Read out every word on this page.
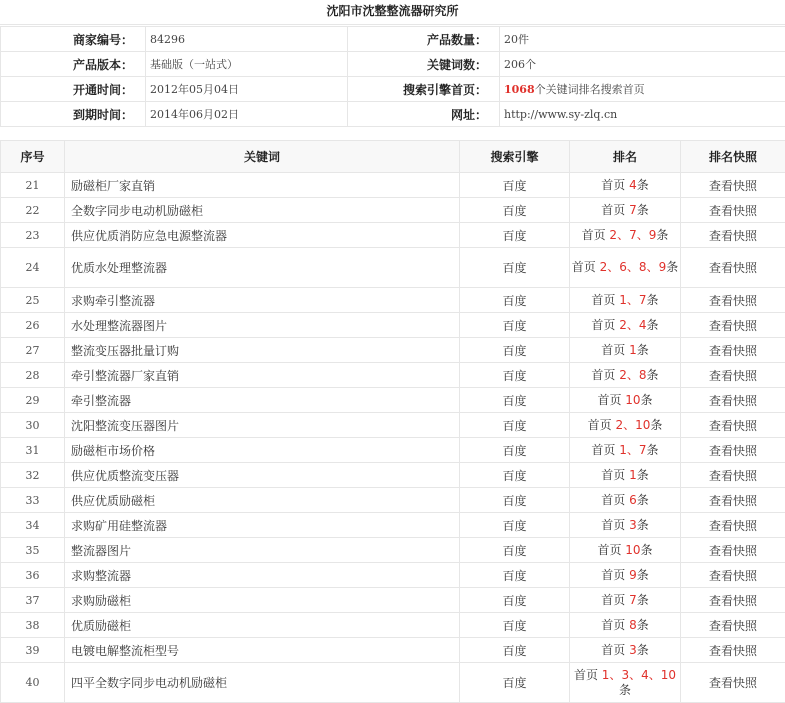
沈阳市沈整整流器研究所
商家编号：	84296	产品数量：	20件
产品版本：	基础版（一站式）	关键词数：	206个
开通时间：	2012年05月04日	搜索引擎首页：	1068个关键词排名搜索首页
到期时间：	2014年06月02日	网址：	http://www.sy-zlq.cn
序号	关键词	搜索引擎	排名	排名快照
21	励磁柜厂家直销	百度	首页 4条	查看快照
22	全数字同步电动机励磁柜	百度	首页 7条	查看快照
23	供应优质消防应急电源整流器	百度	首页 2、7、9条	查看快照
24	优质水处理整流器	百度	首页 2、6、8、9条	查看快照
25	求购牵引整流器	百度	首页 1、7条	查看快照
26	水处理整流器图片	百度	首页 2、4条	查看快照
27	整流变压器批量订购	百度	首页 1条	查看快照
28	牵引整流器厂家直销	百度	首页 2、8条	查看快照
29	牵引整流器	百度	首页 10条	查看快照
30	沈阳整流变压器图片	百度	首页 2、10条	查看快照
31	励磁柜市场价格	百度	首页 1、7条	查看快照
32	供应优质整流变压器	百度	首页 1条	查看快照
33	供应优质励磁柜	百度	首页 6条	查看快照
34	求购矿用硅整流器	百度	首页 3条	查看快照
35	整流器图片	百度	首页 10条	查看快照
36	求购整流器	百度	首页 9条	查看快照
37	求购励磁柜	百度	首页 7条	查看快照
38	优质励磁柜	百度	首页 8条	查看快照
39	电镀电解整流柜型号	百度	首页 3条	查看快照
40	四平全数字同步电动机励磁柜	百度	首页 1、3、4、10条	查看快照
